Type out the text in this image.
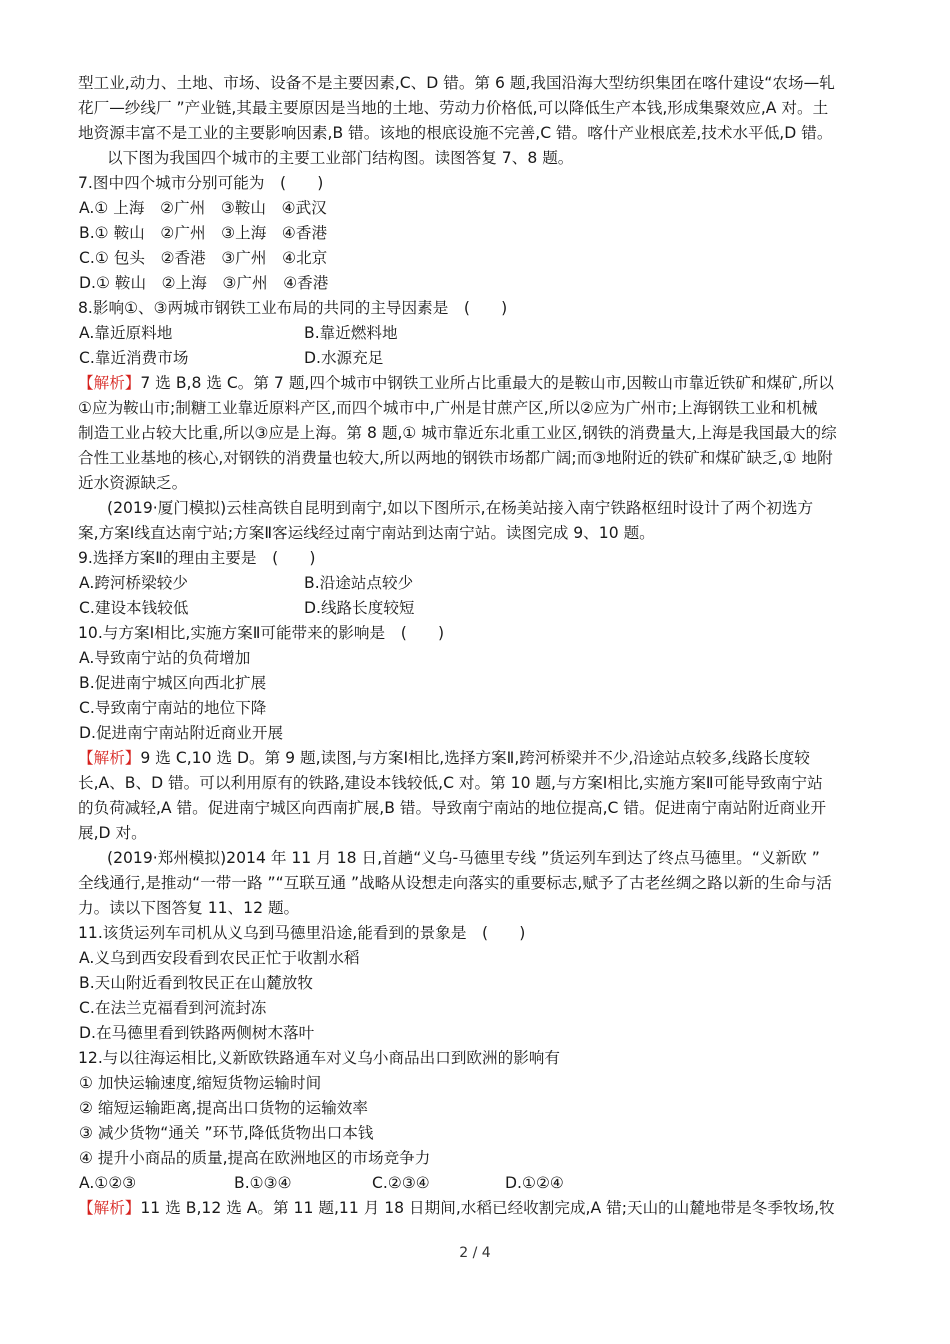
型工业,动力、土地、市场、设备不是主要因素,C、D 错。第 6 题,我国沿海大型纺织集团在喀什建设“农场—轧
花厂—纱线厂 ”产业链,其最主要原因是当地的土地、劳动力价格低,可以降低生产本钱,形成集聚效应,A 对。土
地资源丰富不是工业的主要影响因素,B 错。该地的根底设施不完善,C 错。喀什产业根底差,技术水平低,D 错。
以下图为我国四个城市的主要工业部门结构图。读图答复 7、8 题。
7.图中四个城市分别可能为　(　　)
A.① 上海　②广州　③鞍山　④武汉
B.① 鞍山　②广州　③上海　④香港
C.① 包头　②香港　③广州　④北京
D.① 鞍山　②上海　③广州　④香港
8.影响①、③两城市钢铁工业布局的共同的主导因素是　(　　)
A.靠近原料地	B.靠近燃料地
C.靠近消费市场	D.水源充足
【解析】7 选 B,8 选 C。第 7 题,四个城市中钢铁工业所占比重最大的是鞍山市,因鞍山市靠近铁矿和煤矿,所以
①应为鞍山市;制糖工业靠近原料产区,而四个城市中,广州是甘蔗产区,所以②应为广州市;上海钢铁工业和机械
制造工业占较大比重,所以③应是上海。第 8 题,① 城市靠近东北重工业区,钢铁的消费量大,上海是我国最大的综
合性工业基地的核心,对钢铁的消费量也较大,所以两地的钢铁市场都广阔;而③地附近的铁矿和煤矿缺乏,① 地附
近水资源缺乏。
(2019·厦门模拟)云桂高铁自昆明到南宁,如以下图所示,在杨美站接入南宁铁路枢纽时设计了两个初选方
案,方案Ⅰ线直达南宁站;方案Ⅱ客运线经过南宁南站到达南宁站。读图完成 9、10 题。
9.选择方案Ⅱ的理由主要是　(　　)
A.跨河桥梁较少	B.沿途站点较少
C.建设本钱较低	D.线路长度较短
10.与方案Ⅰ相比,实施方案Ⅱ可能带来的影响是　(　　)
A.导致南宁站的负荷增加
B.促进南宁城区向西北扩展
C.导致南宁南站的地位下降
D.促进南宁南站附近商业开展
【解析】9 选 C,10 选 D。第 9 题,读图,与方案Ⅰ相比,选择方案Ⅱ,跨河桥梁并不少,沿途站点较多,线路长度较
长,A、B、D 错。可以利用原有的铁路,建设本钱较低,C 对。第 10 题,与方案Ⅰ相比,实施方案Ⅱ可能导致南宁站
的负荷减轻,A 错。促进南宁城区向西南扩展,B 错。导致南宁南站的地位提高,C 错。促进南宁南站附近商业开
展,D 对。
(2019·郑州模拟)2014 年 11 月 18 日,首趟“义乌-马德里专线 ”货运列车到达了终点马德里。“义新欧 ”
全线通行,是推动“一带一路 ”“互联互通 ”战略从设想走向落实的重要标志,赋予了古老丝绸之路以新的生命与活
力。读以下图答复 11、12 题。
11.该货运列车司机从义乌到马德里沿途,能看到的景象是　(　　)
A.义乌到西安段看到农民正忙于收割水稻
B.天山附近看到牧民正在山麓放牧
C.在法兰克福看到河流封冻
D.在马德里看到铁路两侧树木落叶
12.与以往海运相比,义新欧铁路通车对义乌小商品出口到欧洲的影响有
① 加快运输速度,缩短货物运输时间
② 缩短运输距离,提高出口货物的运输效率
③ 减少货物“通关 ”环节,降低货物出口本钱
④ 提升小商品的质量,提高在欧洲地区的市场竞争力
A.①②③	B.①③④	C.②③④	D.①②④
【解析】11 选 B,12 选 A。第 11 题,11 月 18 日期间,水稻已经收割完成,A 错;天山的山麓地带是冬季牧场,牧
2 / 4
